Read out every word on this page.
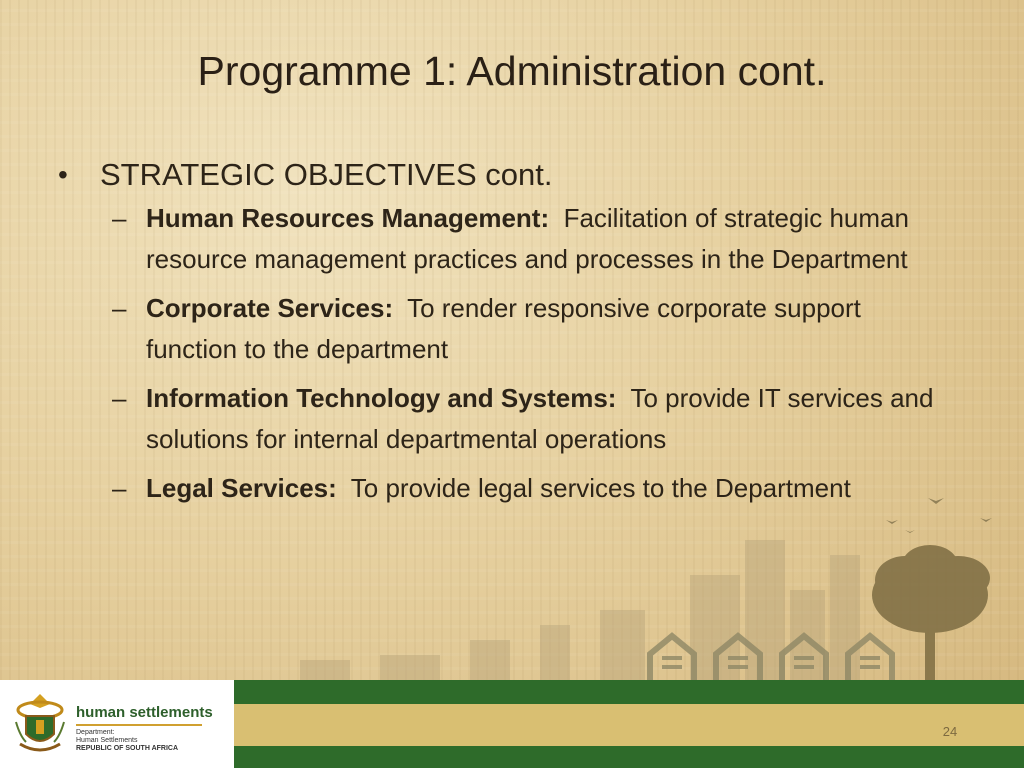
Programme 1: Administration cont.
•	STRATEGIC OBJECTIVES cont.
– Human Resources Management: Facilitation of strategic human resource management practices and processes in the Department
– Corporate Services: To render responsive corporate support function to the department
– Information Technology and Systems: To provide IT services and solutions for internal departmental operations
– Legal Services: To provide legal services to the Department
human settlements
Department:
Human Settlements
REPUBLIC OF SOUTH AFRICA
24
